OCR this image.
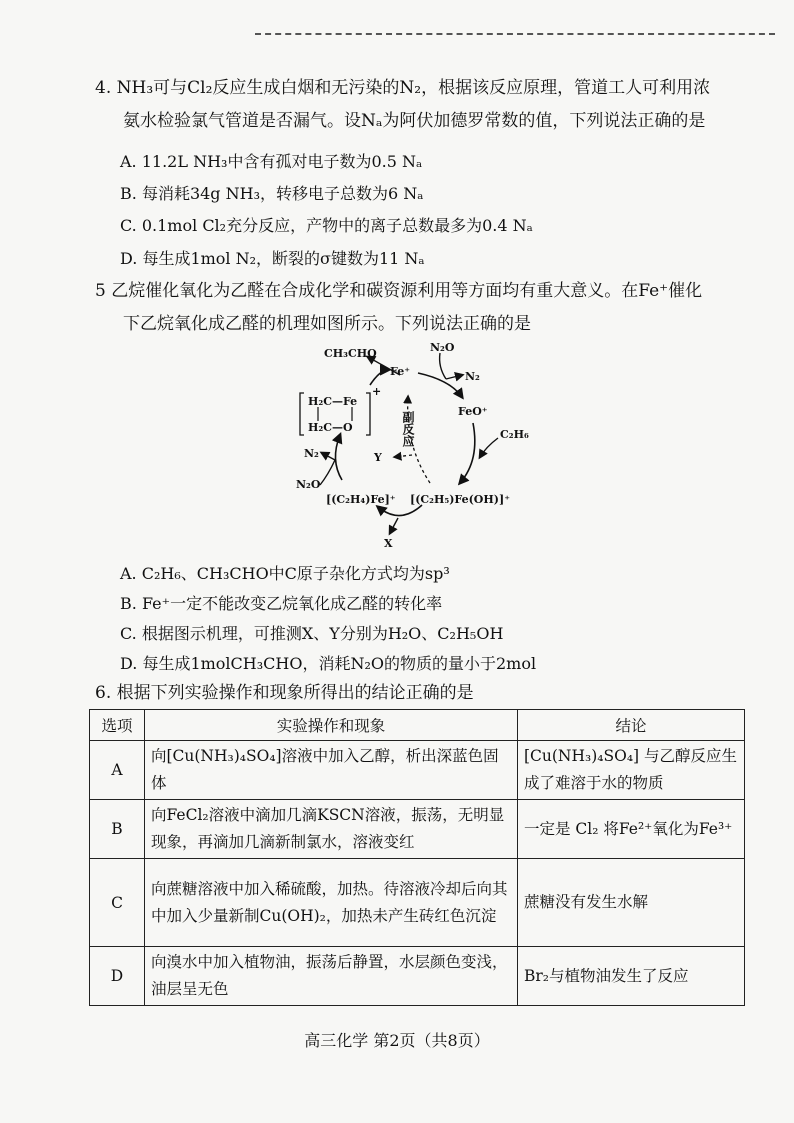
4. NH₃可与Cl₂反应生成白烟和无污染的N₂，根据该反应原理，管道工人可利用浓
氨水检验氯气管道是否漏气。设Nₐ为阿伏加德罗常数的值，下列说法正确的是
A. 11.2L NH₃中含有孤对电子数为0.5 Nₐ
B. 每消耗34g NH₃，转移电子总数为6 Nₐ
C. 0.1mol Cl₂充分反应，产物中的离子总数最多为0.4 Nₐ
D. 每生成1mol N₂，断裂的σ键数为11 Nₐ
5 乙烷催化氧化为乙醛在合成化学和碳资源利用等方面均有重大意义。在Fe⁺催化
下乙烷氧化成乙醛的机理如图所示。下列说法正确的是
CH₃CHO
Fe⁺
N₂O
N₂
FeO⁺
C₂H₆
H₂C—Fe
H₂C—O
+
副反应
Y
N₂
N₂O
[(C₂H₄)Fe]⁺ [(C₂H₅)Fe(OH)]⁺
X
A. C₂H₆、CH₃CHO中C原子杂化方式均为sp³
B. Fe⁺一定不能改变乙烷氧化成乙醛的转化率
C. 根据图示机理，可推测X、Y分别为H₂O、C₂H₅OH
D. 每生成1molCH₃CHO，消耗N₂O的物质的量小于2mol
6. 根据下列实验操作和现象所得出的结论正确的是
选项	实验操作和现象	结论
A	向[Cu(NH₃)₄SO₄]溶液中加入乙醇，析出深蓝色固体	[Cu(NH₃)₄SO₄] 与乙醇反应生成了难溶于水的物质
B	向FeCl₂溶液中滴加几滴KSCN溶液，振荡，无明显现象，再滴加几滴新制氯水，溶液变红	一定是 Cl₂ 将Fe²⁺氧化为Fe³⁺
C	向蔗糖溶液中加入稀硫酸，加热。待溶液冷却后向其中加入少量新制Cu(OH)₂，加热未产生砖红色沉淀	蔗糖没有发生水解
D	向溴水中加入植物油，振荡后静置，水层颜色变浅，油层呈无色	Br₂与植物油发生了反应
高三化学 第2页（共8页）
